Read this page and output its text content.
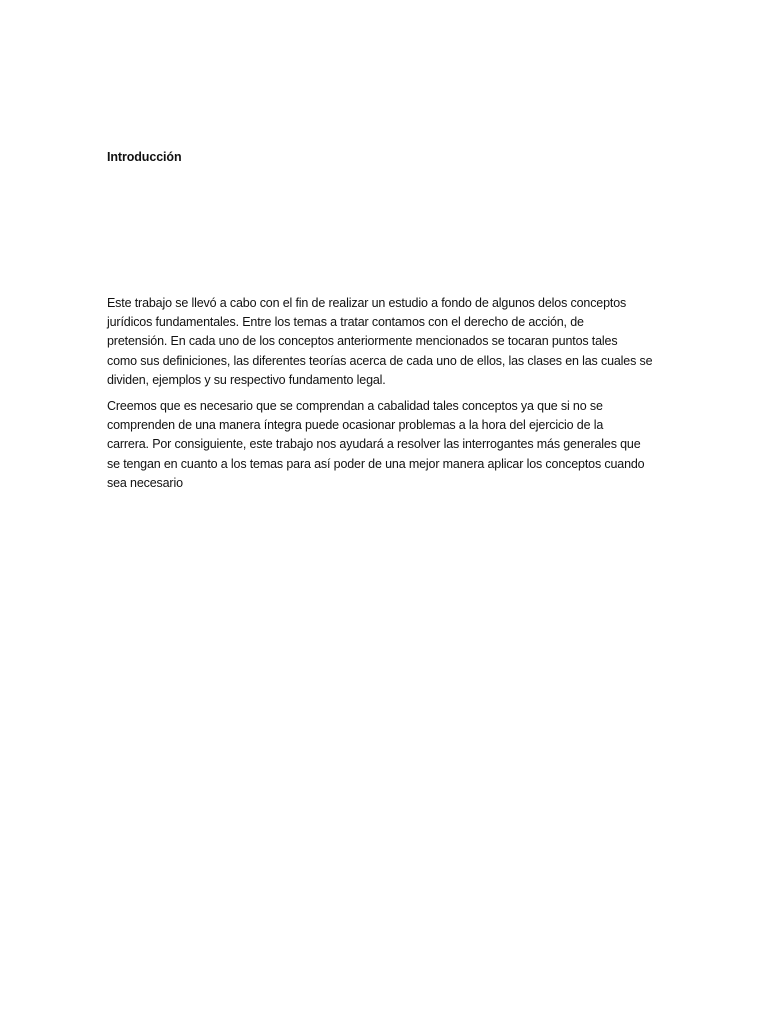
Introducción

Este trabajo se llevó a cabo con el fin de realizar un estudio a fondo de algunos delos conceptos
jurídicos fundamentales. Entre los temas a tratar contamos con el derecho de acción, de
pretensión. En cada uno de los conceptos anteriormente mencionados se tocaran puntos tales
como sus definiciones, las diferentes teorías acerca de cada uno de ellos, las clases en las cuales se
dividen, ejemplos y su respectivo fundamento legal.

Creemos que es necesario que se comprendan a cabalidad tales conceptos ya que si no se
comprenden de una manera íntegra puede ocasionar problemas a la hora del ejercicio de la
carrera. Por consiguiente, este trabajo nos ayudará a resolver las interrogantes más generales que
se tengan en cuanto a los temas para así poder de una mejor manera aplicar los conceptos cuando
sea necesario
